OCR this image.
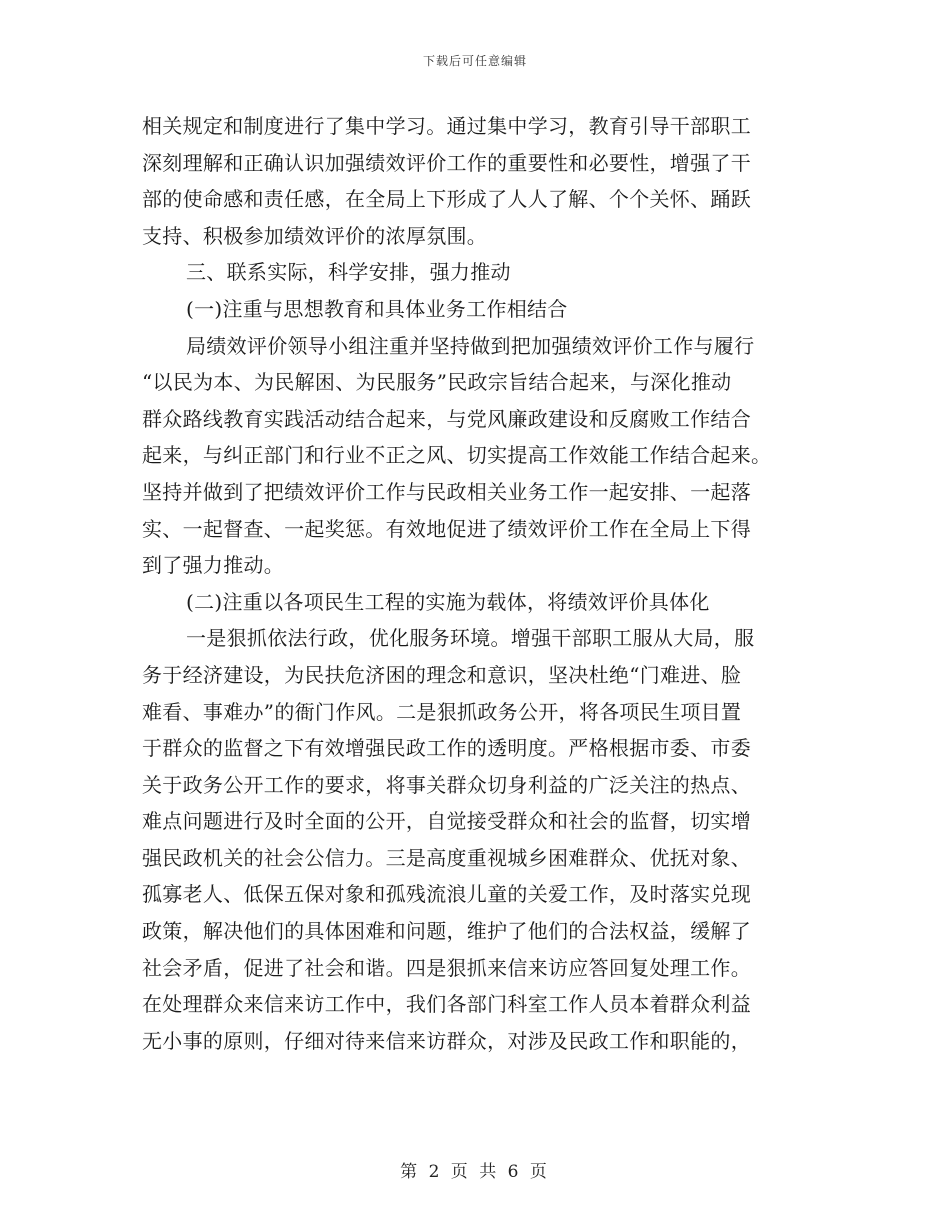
下载后可任意编辑
相关规定和制度进行了集中学习。通过集中学习，教育引导干部职工
深刻理解和正确认识加强绩效评价工作的重要性和必要性，增强了干
部的使命感和责任感，在全局上下形成了人人了解、个个关怀、踊跃
支持、积极参加绩效评价的浓厚氛围。
三、联系实际，科学安排，强力推动
(一)注重与思想教育和具体业务工作相结合
局绩效评价领导小组注重并坚持做到把加强绩效评价工作与履行
“以民为本、为民解困、为民服务”民政宗旨结合起来，与深化推动
群众路线教育实践活动结合起来，与党风廉政建设和反腐败工作结合
起来，与纠正部门和行业不正之风、切实提高工作效能工作结合起来。
坚持并做到了把绩效评价工作与民政相关业务工作一起安排、一起落
实、一起督查、一起奖惩。有效地促进了绩效评价工作在全局上下得
到了强力推动。
(二)注重以各项民生工程的实施为载体，将绩效评价具体化
一是狠抓依法行政，优化服务环境。增强干部职工服从大局，服
务于经济建设，为民扶危济困的理念和意识，坚决杜绝“门难进、脸
难看、事难办”的衙门作风。二是狠抓政务公开，将各项民生项目置
于群众的监督之下有效增强民政工作的透明度。严格根据市委、市委
关于政务公开工作的要求，将事关群众切身利益的广泛关注的热点、
难点问题进行及时全面的公开，自觉接受群众和社会的监督，切实增
强民政机关的社会公信力。三是高度重视城乡困难群众、优抚对象、
孤寡老人、低保五保对象和孤残流浪儿童的关爱工作，及时落实兑现
政策，解决他们的具体困难和问题，维护了他们的合法权益，缓解了
社会矛盾，促进了社会和谐。四是狠抓来信来访应答回复处理工作。
在处理群众来信来访工作中，我们各部门科室工作人员本着群众利益
无小事的原则，仔细对待来信来访群众，对涉及民政工作和职能的，
第 2 页 共 6 页
